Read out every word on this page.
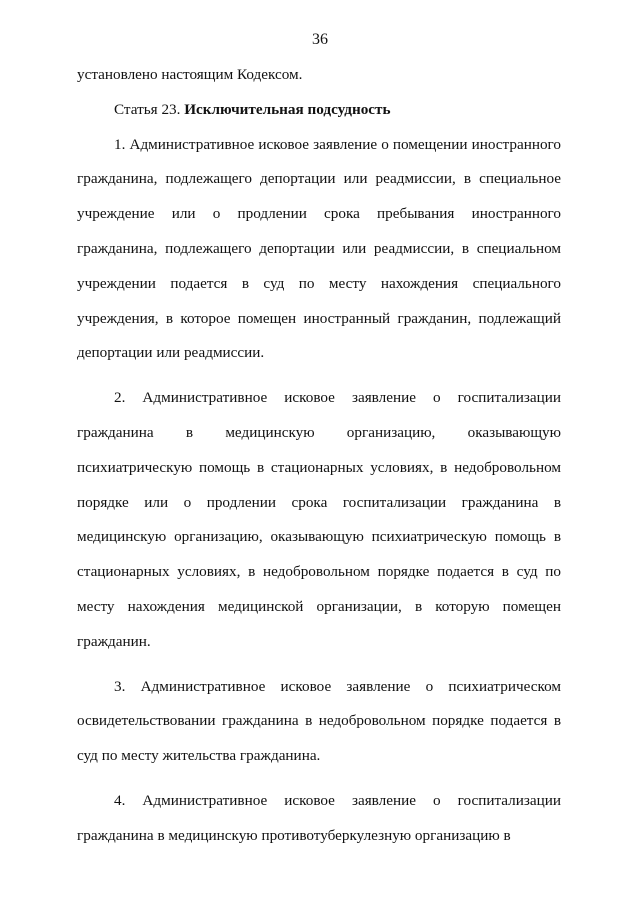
36

установлено настоящим Кодексом.

Статья 23. Исключительная подсудность

1. Административное исковое заявление о помещении иностранного гражданина, подлежащего депортации или реадмиссии, в специальное учреждение или о продлении срока пребывания иностранного гражданина, подлежащего депортации или реадмиссии, в специальном учреждении подается в суд по месту нахождения специального учреждения, в которое помещен иностранный гражданин, подлежащий депортации или реадмиссии.

2. Административное исковое заявление о госпитализации гражданина в медицинскую организацию, оказывающую психиатрическую помощь в стационарных условиях, в недобровольном порядке или о продлении срока госпитализации гражданина в медицинскую организацию, оказывающую психиатрическую помощь в стационарных условиях, в недобровольном порядке подается в суд по месту нахождения медицинской организации, в которую помещен гражданин.

3. Административное исковое заявление о психиатрическом освидетельствовании гражданина в недобровольном порядке подается в суд по месту жительства гражданина.

4. Административное исковое заявление о госпитализации гражданина в медицинскую противотуберкулезную организацию в
